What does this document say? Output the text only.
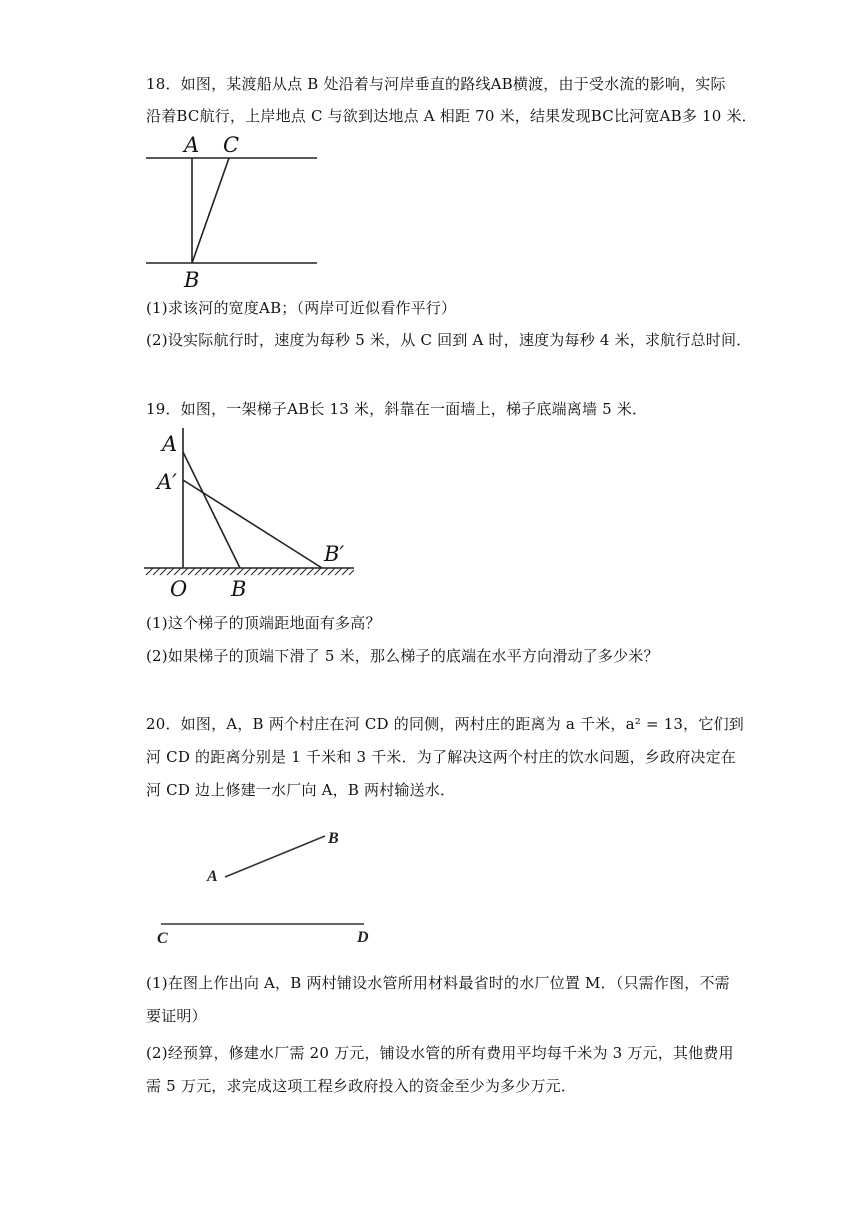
18．如图，某渡船从点 B 处沿着与河岸垂直的路线AB横渡，由于受水流的影响，实际
沿着BC航行，上岸地点 C 与欲到达地点 A 相距 70 米，结果发现BC比河宽AB多 10 米．
A C
B
(1)求该河的宽度AB；（两岸可近似看作平行）
(2)设实际航行时，速度为每秒 5 米，从 C 回到 A 时，速度为每秒 4 米，求航行总时间．
19．如图，一架梯子AB长 13 米，斜靠在一面墙上，梯子底端离墙 5 米．
A
A′
B′
O B
(1)这个梯子的顶端距地面有多高？
(2)如果梯子的顶端下滑了 5 米，那么梯子的底端在水平方向滑动了多少米？
20．如图，A，B 两个村庄在河 CD 的同侧，两村庄的距离为 a 千米，a² = 13，它们到
河 CD 的距离分别是 1 千米和 3 千米．为了解决这两个村庄的饮水问题，乡政府决定在
河 CD 边上修建一水厂向 A，B 两村输送水．
A
B
C	D
(1)在图上作出向 A，B 两村铺设水管所用材料最省时的水厂位置 M．（只需作图，不需
要证明）
(2)经预算，修建水厂需 20 万元，铺设水管的所有费用平均每千米为 3 万元，其他费用
需 5 万元，求完成这项工程乡政府投入的资金至少为多少万元．
